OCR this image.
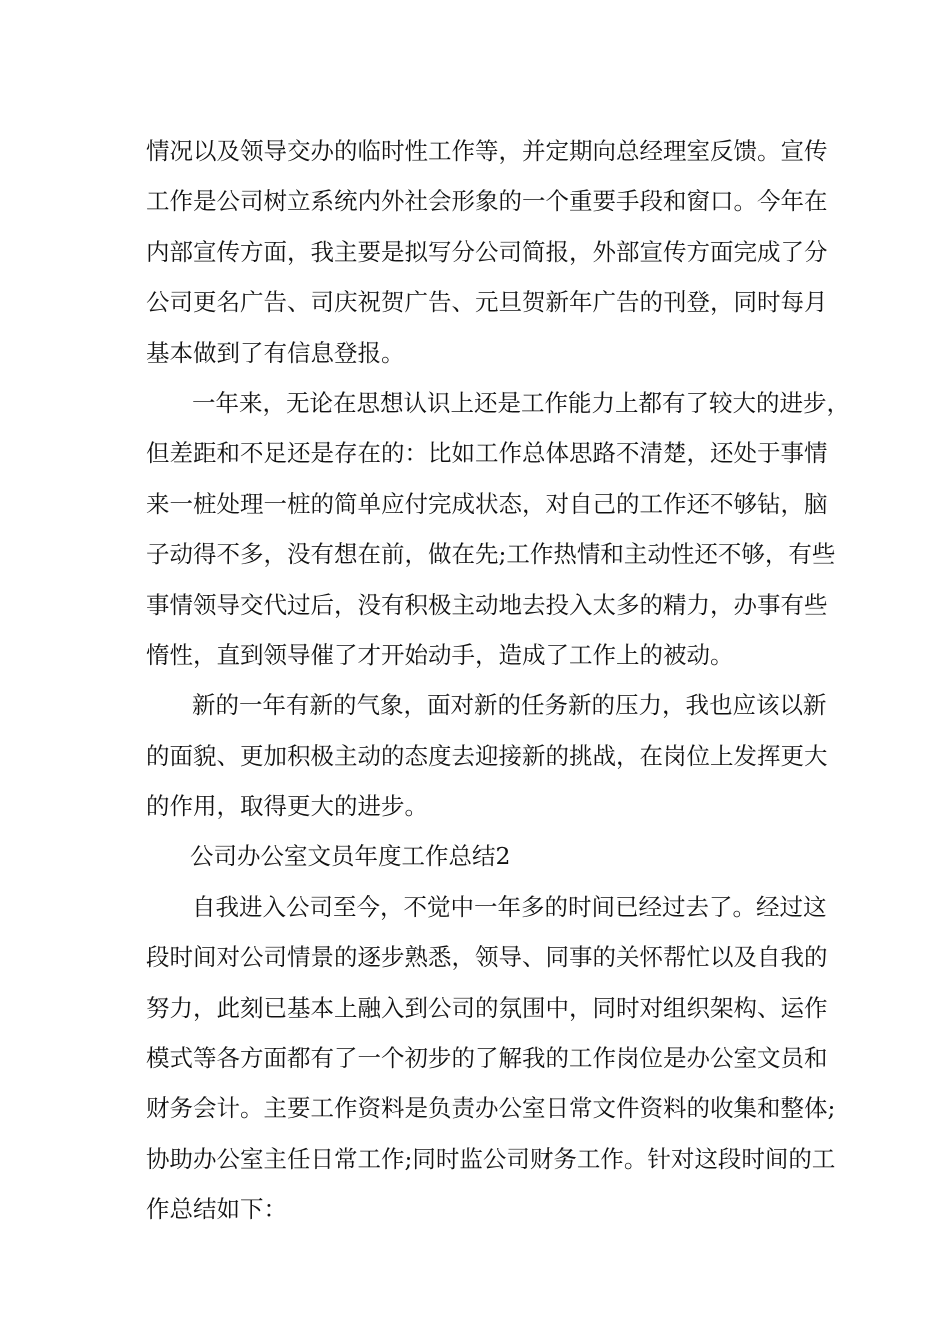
情况以及领导交办的临时性工作等，并定期向总经理室反馈。宣传
工作是公司树立系统内外社会形象的一个重要手段和窗口。今年在
内部宣传方面，我主要是拟写分公司简报，外部宣传方面完成了分
公司更名广告、司庆祝贺广告、元旦贺新年广告的刊登，同时每月
基本做到了有信息登报。
一年来，无论在思想认识上还是工作能力上都有了较大的进步，
但差距和不足还是存在的：比如工作总体思路不清楚，还处于事情
来一桩处理一桩的简单应付完成状态，对自己的工作还不够钻，脑
子动得不多，没有想在前，做在先;工作热情和主动性还不够，有些
事情领导交代过后，没有积极主动地去投入太多的精力，办事有些
惰性，直到领导催了才开始动手，造成了工作上的被动。
新的一年有新的气象，面对新的任务新的压力，我也应该以新
的面貌、更加积极主动的态度去迎接新的挑战，在岗位上发挥更大
的作用，取得更大的进步。
公司办公室文员年度工作总结2
自我进入公司至今，不觉中一年多的时间已经过去了。经过这
段时间对公司情景的逐步熟悉，领导、同事的关怀帮忙以及自我的
努力，此刻已基本上融入到公司的氛围中，同时对组织架构、运作
模式等各方面都有了一个初步的了解我的工作岗位是办公室文员和
财务会计。主要工作资料是负责办公室日常文件资料的收集和整体;
协助办公室主任日常工作;同时监公司财务工作。针对这段时间的工
作总结如下：
